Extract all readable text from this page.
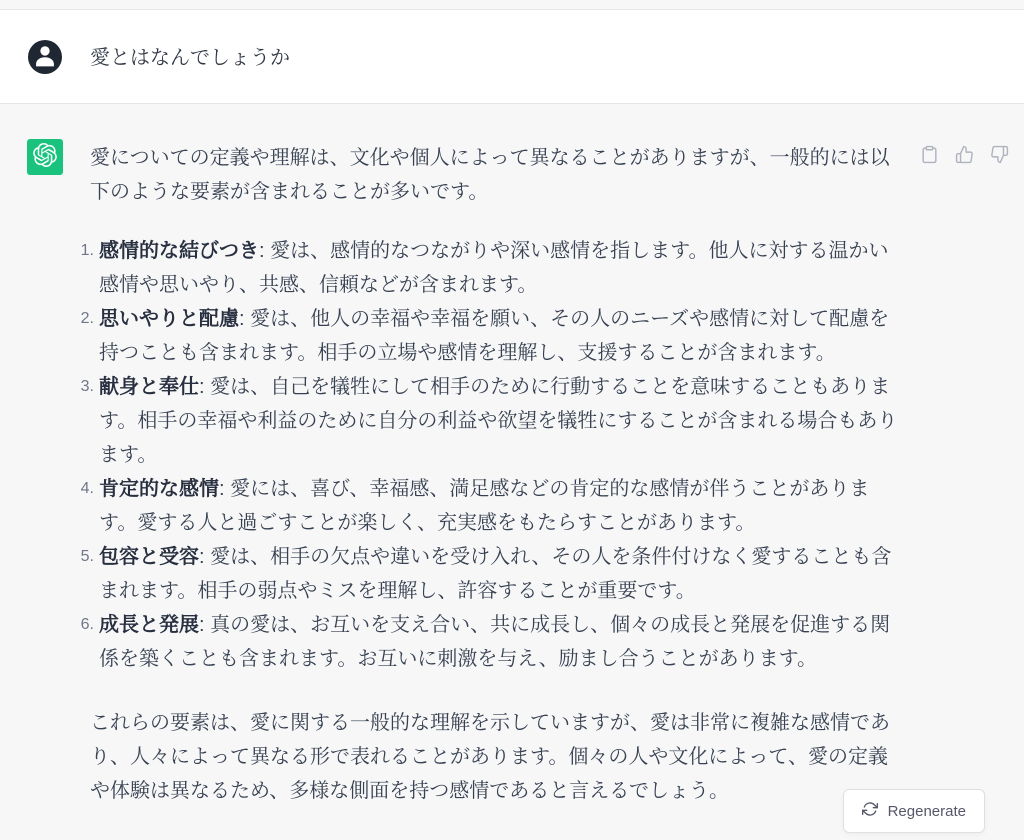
愛とはなんでしょうか

愛についての定義や理解は、文化や個人によって異なることがありますが、一般的には以下のような要素が含まれることが多いです。

1. 感情的な結びつき: 愛は、感情的なつながりや深い感情を指します。他人に対する温かい感情や思いやり、共感、信頼などが含まれます。
2. 思いやりと配慮: 愛は、他人の幸福や幸福を願い、その人のニーズや感情に対して配慮を持つことも含まれます。相手の立場や感情を理解し、支援することが含まれます。
3. 献身と奉仕: 愛は、自己を犠牲にして相手のために行動することを意味することもあります。相手の幸福や利益のために自分の利益や欲望を犠牲にすることが含まれる場合もあります。
4. 肯定的な感情: 愛には、喜び、幸福感、満足感などの肯定的な感情が伴うことがあります。愛する人と過ごすことが楽しく、充実感をもたらすことがあります。
5. 包容と受容: 愛は、相手の欠点や違いを受け入れ、その人を条件付けなく愛することも含まれます。相手の弱点やミスを理解し、許容することが重要です。
6. 成長と発展: 真の愛は、お互いを支え合い、共に成長し、個々の成長と発展を促進する関係を築くことも含まれます。お互いに刺激を与え、励まし合うことがあります。

これらの要素は、愛に関する一般的な理解を示していますが、愛は非常に複雑な感情であり、人々によって異なる形で表れることがあります。個々の人や文化によって、愛の定義や体験は異なるため、多様な側面を持つ感情であると言えるでしょう。

Regenerate
